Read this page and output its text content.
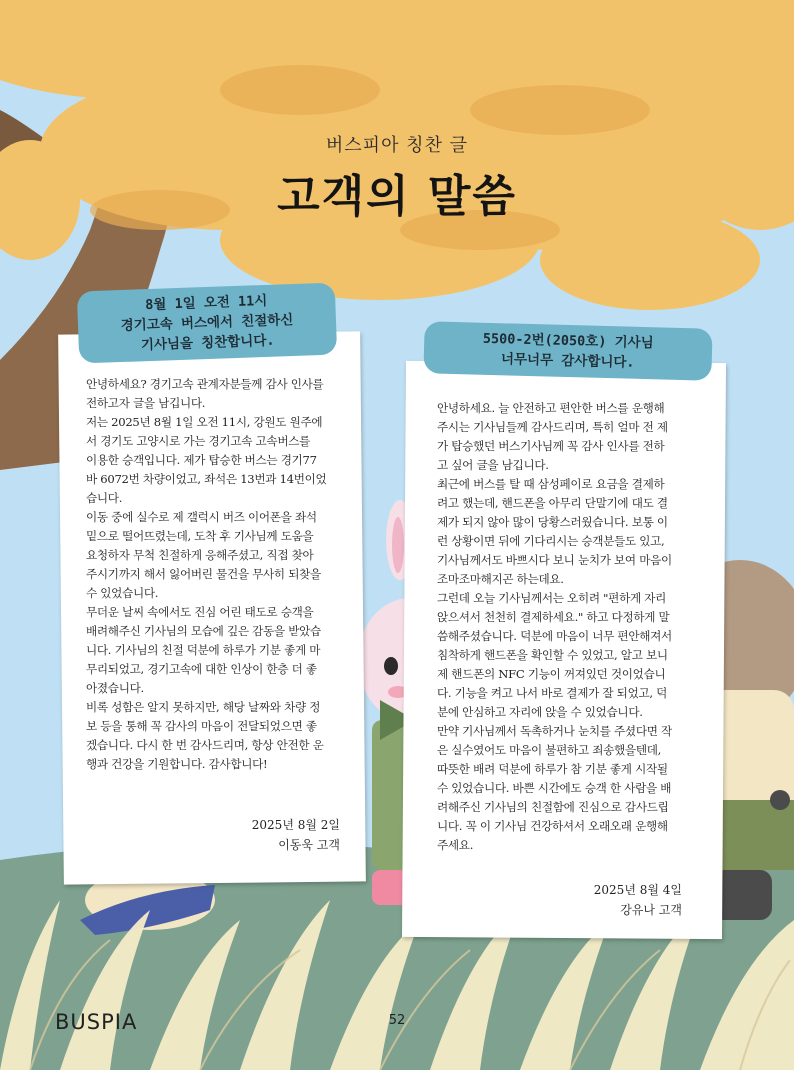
버스피아 칭찬 글
고객의 말씀
8월 1일 오전 11시
경기고속 버스에서 친절하신
기사님을 칭찬합니다.
안녕하세요? 경기고속 관계자분들께 감사 인사를
전하고자 글을 남깁니다.
저는 2025년 8월 1일 오전 11시, 강원도 원주에
서 경기도 고양시로 가는 경기고속 고속버스를
이용한 승객입니다. 제가 탑승한 버스는 경기77
바 6072번 차량이었고, 좌석은 13번과 14번이었
습니다.
이동 중에 실수로 제 갤럭시 버즈 이어폰을 좌석
밑으로 떨어뜨렸는데, 도착 후 기사님께 도움을
요청하자 무척 친절하게 응해주셨고, 직접 찾아
주시기까지 해서 잃어버린 물건을 무사히 되찾을
수 있었습니다.
무더운 날씨 속에서도 진심 어린 태도로 승객을
배려해주신 기사님의 모습에 깊은 감동을 받았습
니다. 기사님의 친절 덕분에 하루가 기분 좋게 마
무리되었고, 경기고속에 대한 인상이 한층 더 좋
아졌습니다.
비록 성함은 알지 못하지만, 해당 날짜와 차량 정
보 등을 통해 꼭 감사의 마음이 전달되었으면 좋
겠습니다. 다시 한 번 감사드리며, 항상 안전한 운
행과 건강을 기원합니다. 감사합니다!
2025년 8월 2일
이동욱 고객
5500-2번(2050호) 기사님
너무너무 감사합니다.
안녕하세요. 늘 안전하고 편안한 버스를 운행해
주시는 기사님들께 감사드리며, 특히 얼마 전 제
가 탑승했던 버스기사님께 꼭 감사 인사를 전하
고 싶어 글을 남깁니다.
최근에 버스를 탈 때 삼성페이로 요금을 결제하
려고 했는데, 핸드폰을 아무리 단말기에 대도 결
제가 되지 않아 많이 당황스러웠습니다. 보통 이
런 상황이면 뒤에 기다리시는 승객분들도 있고,
기사님께서도 바쁘시다 보니 눈치가 보여 마음이
조마조마해지곤 하는데요.
그런데 오늘 기사님께서는 오히려 "편하게 자리
앉으셔서 천천히 결제하세요." 하고 다정하게 말
씀해주셨습니다. 덕분에 마음이 너무 편안해져서
침착하게 핸드폰을 확인할 수 있었고, 알고 보니
제 핸드폰의 NFC 기능이 꺼져있던 것이었습니
다. 기능을 켜고 나서 바로 결제가 잘 되었고, 덕
분에 안심하고 자리에 앉을 수 있었습니다.
만약 기사님께서 독촉하거나 눈치를 주셨다면 작
은 실수였어도 마음이 불편하고 죄송했을텐데,
따뜻한 배려 덕분에 하루가 참 기분 좋게 시작될
수 있었습니다. 바쁜 시간에도 승객 한 사람을 배
려해주신 기사님의 친절함에 진심으로 감사드립
니다. 꼭 이 기사님 건강하셔서 오래오래 운행해
주세요.
2025년 8월 4일
강유나 고객
BUSPIA	52
